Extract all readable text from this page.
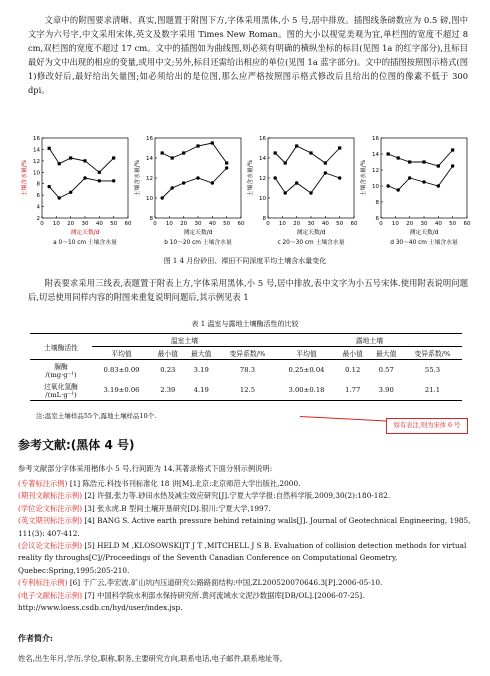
文章中的附图要求清晰、真实,图题置于附图下方,字体采用黑体,小 5 号,居中排放。插图线条磅数应为 0.5 磅,图中文字为六号字,中文采用宋体,英文及数字采用 Times New Roman。图的大小以视觉美观为宜,单栏图的宽度不超过 8 cm,双栏图的宽度不超过 17 cm。文中的插图如为曲线图,则必须有明确的横纵坐标的标目(见图 1a 的红字部分),且标目最好为文中出现的相应的变量,或用中文;另外,标目还需给出相应的单位(见图 1a 蓝字部分)。文中的插图按照图示格式(图 1)修改好后,最好给出矢量图;如必须给出的是位图,那么应严格按照图示格式修改后且给出的位图的像素不低于 300 dpi。

16
14
12
10
8
6
4
2
0 10 20 30 40 50 60
土壤含水量/%
测定天数/d
a 0～10 cm 土壤含水量
16
14
12
10
8
0 10 20 30 40 50 60
土壤含水量/%
测定天数/d
b 10～20 cm 土壤含水量
16
14
12
10
8
0 10 20 30 40 50 60
土壤含水量/%
测定天数/d
c 20～30 cm 土壤含水量
16
14
12
10
8
6
0 10 20 30 40 50 60
土壤含水量/%
测定天数/d
d 30～40 cm 土壤含水量
图 1 4 月份砂田、裸田不同深度平均土壤含水量变化

附表要求采用三线表,表题置于附表上方,字体采用黑体,小 5 号,居中排放,表中文字为小五号宋体.使用附表说明问题后,切忌使用同样内容的附图来重复说明问题后,其示例见表 1

表 1 温室与露地土壤酶活性的比较
土壤酶活性	温室土壤				露地土壤			
	平均值	最小值	最大值	变异系数/%	平均值	最小值	最大值	变异系数/%
脲酶
/(mg·g⁻¹)	0.83±0.09	0.23	3.19	78.3	0.25±0.04	0.12	0.57	55.3
过氧化氢酶
/(mL·g⁻¹)	3.19±0.06	2.39	4.19	12.5	3.00±0.18	1.77	3.90	21.1
注:温室土壤样品55个,露地土壤样品10个.
如有表注,则为宋体 6 号
参考文献:(黑体 4 号)
参考文献部分字体采用楷体小 5 号,行间距为 14,其著录格式下面分别示例说明:

(专著标注示例) [1] 陈浩元.科技书刊标准化 18 讲[M].北京:北京师范大学出版社,2000.

(期刊文献标注示例) [2] 许强,张力等.砂田水热及减尘效应研究[J].宁夏大学学报:自然科学版,2009,30(2):180-182.

(学位论文标注示例) [3] 张永虎.B 型间土壤开垦研究[D].银川:宁夏大学,1997.

(英文期刊标注示例) [4] BANG S. Active earth pressure behind retaining walls[J]. Journal of Geotechnical Engineering, 1985, 111(3): 407-412.

(会议论文标注示例) [5] HELD M ,KLOSOWSKIJT J T ,MITCHELL J S B. Evaluation of collision detection methods for virtual reality fly throughs[C]//Proceedings of the Seventh Canadian Conference on Computational Geometry, Quebec:Spring,1995:205-210.

(专利标注示例) [6] 于广云,李宏波.矿山坑内压道研究公路路面结构:中国,ZL200520070646.3[P].2006-05-10.

(电子文献标注示例) [7] 中国科学院水利部水保持研究所.黄河流域水文泥沙数据库[DB/OL].[2006-07-25]. http://www.loess.csdb.cn/hyd/user/index.jsp.

作者简介:
姓名,出生年月,学历,学位,职称,职务,主要研究方向,联系电话,电子邮件,联系地址等。
